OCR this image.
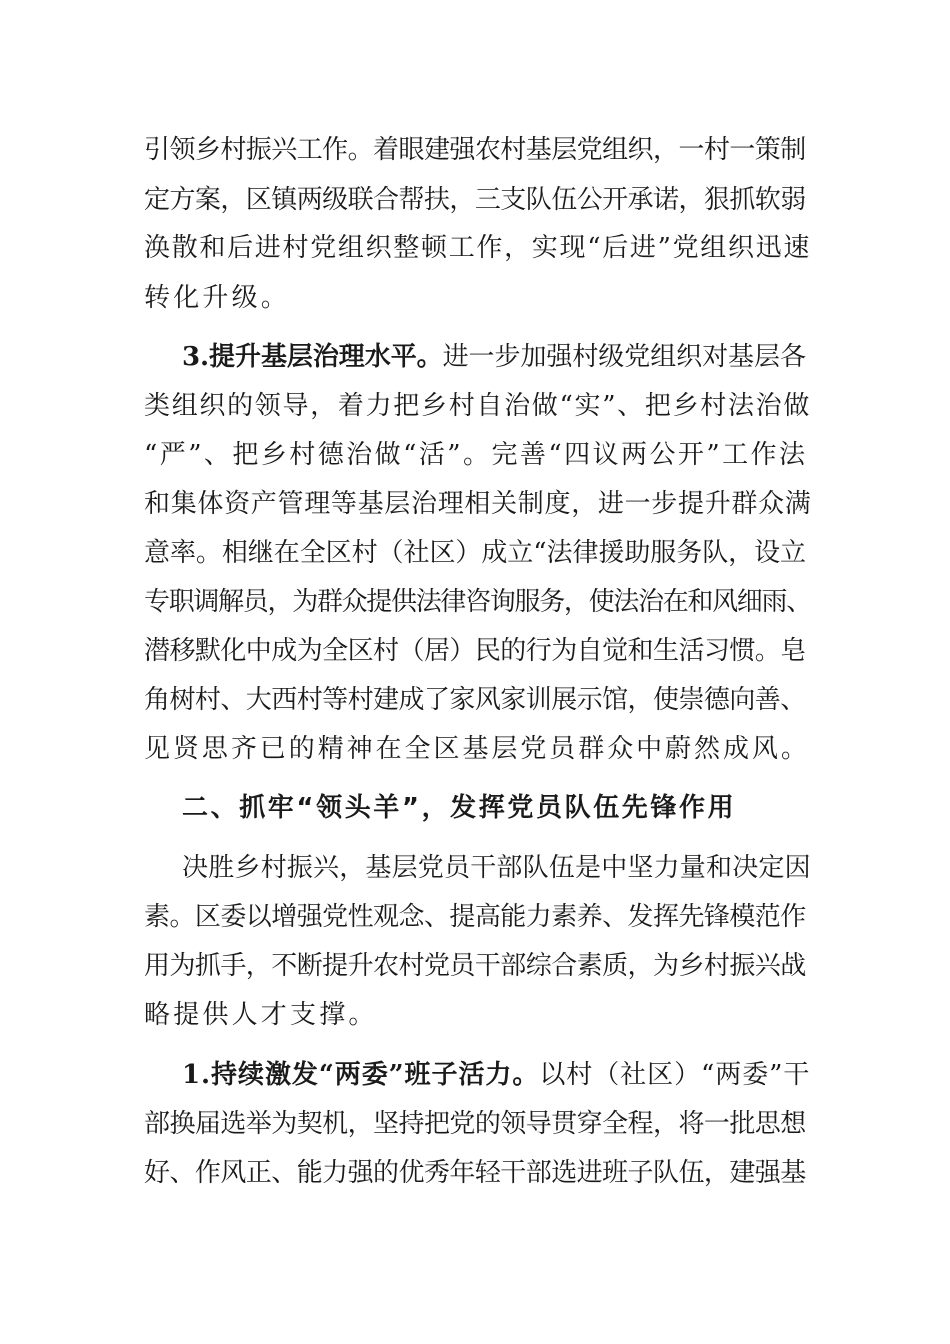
引领乡村振兴工作。着眼建强农村基层党组织，一村一策制
定方案，区镇两级联合帮扶，三支队伍公开承诺，狠抓软弱
涣散和后进村党组织整顿工作，实现“后进”党组织迅速
转化升级。
3.提升基层治理水平。进一步加强村级党组织对基层各
类组织的领导，着力把乡村自治做“实”、把乡村法治做
“严”、把乡村德治做“活”。完善“四议两公开”工作法
和集体资产管理等基层治理相关制度，进一步提升群众满
意率。相继在全区村（社区）成立“法律援助服务队，设立
专职调解员，为群众提供法律咨询服务，使法治在和风细雨、
潜移默化中成为全区村（居）民的行为自觉和生活习惯。皂
角树村、大西村等村建成了家风家训展示馆，使崇德向善、
见贤思齐已的精神在全区基层党员群众中蔚然成风。
二、抓牢“领头羊”，发挥党员队伍先锋作用
决胜乡村振兴，基层党员干部队伍是中坚力量和决定因
素。区委以增强党性观念、提高能力素养、发挥先锋模范作
用为抓手，不断提升农村党员干部综合素质，为乡村振兴战
略提供人才支撑。
1.持续激发“两委”班子活力。以村（社区）“两委”干
部换届选举为契机，坚持把党的领导贯穿全程，将一批思想
好、作风正、能力强的优秀年轻干部选进班子队伍，建强基
